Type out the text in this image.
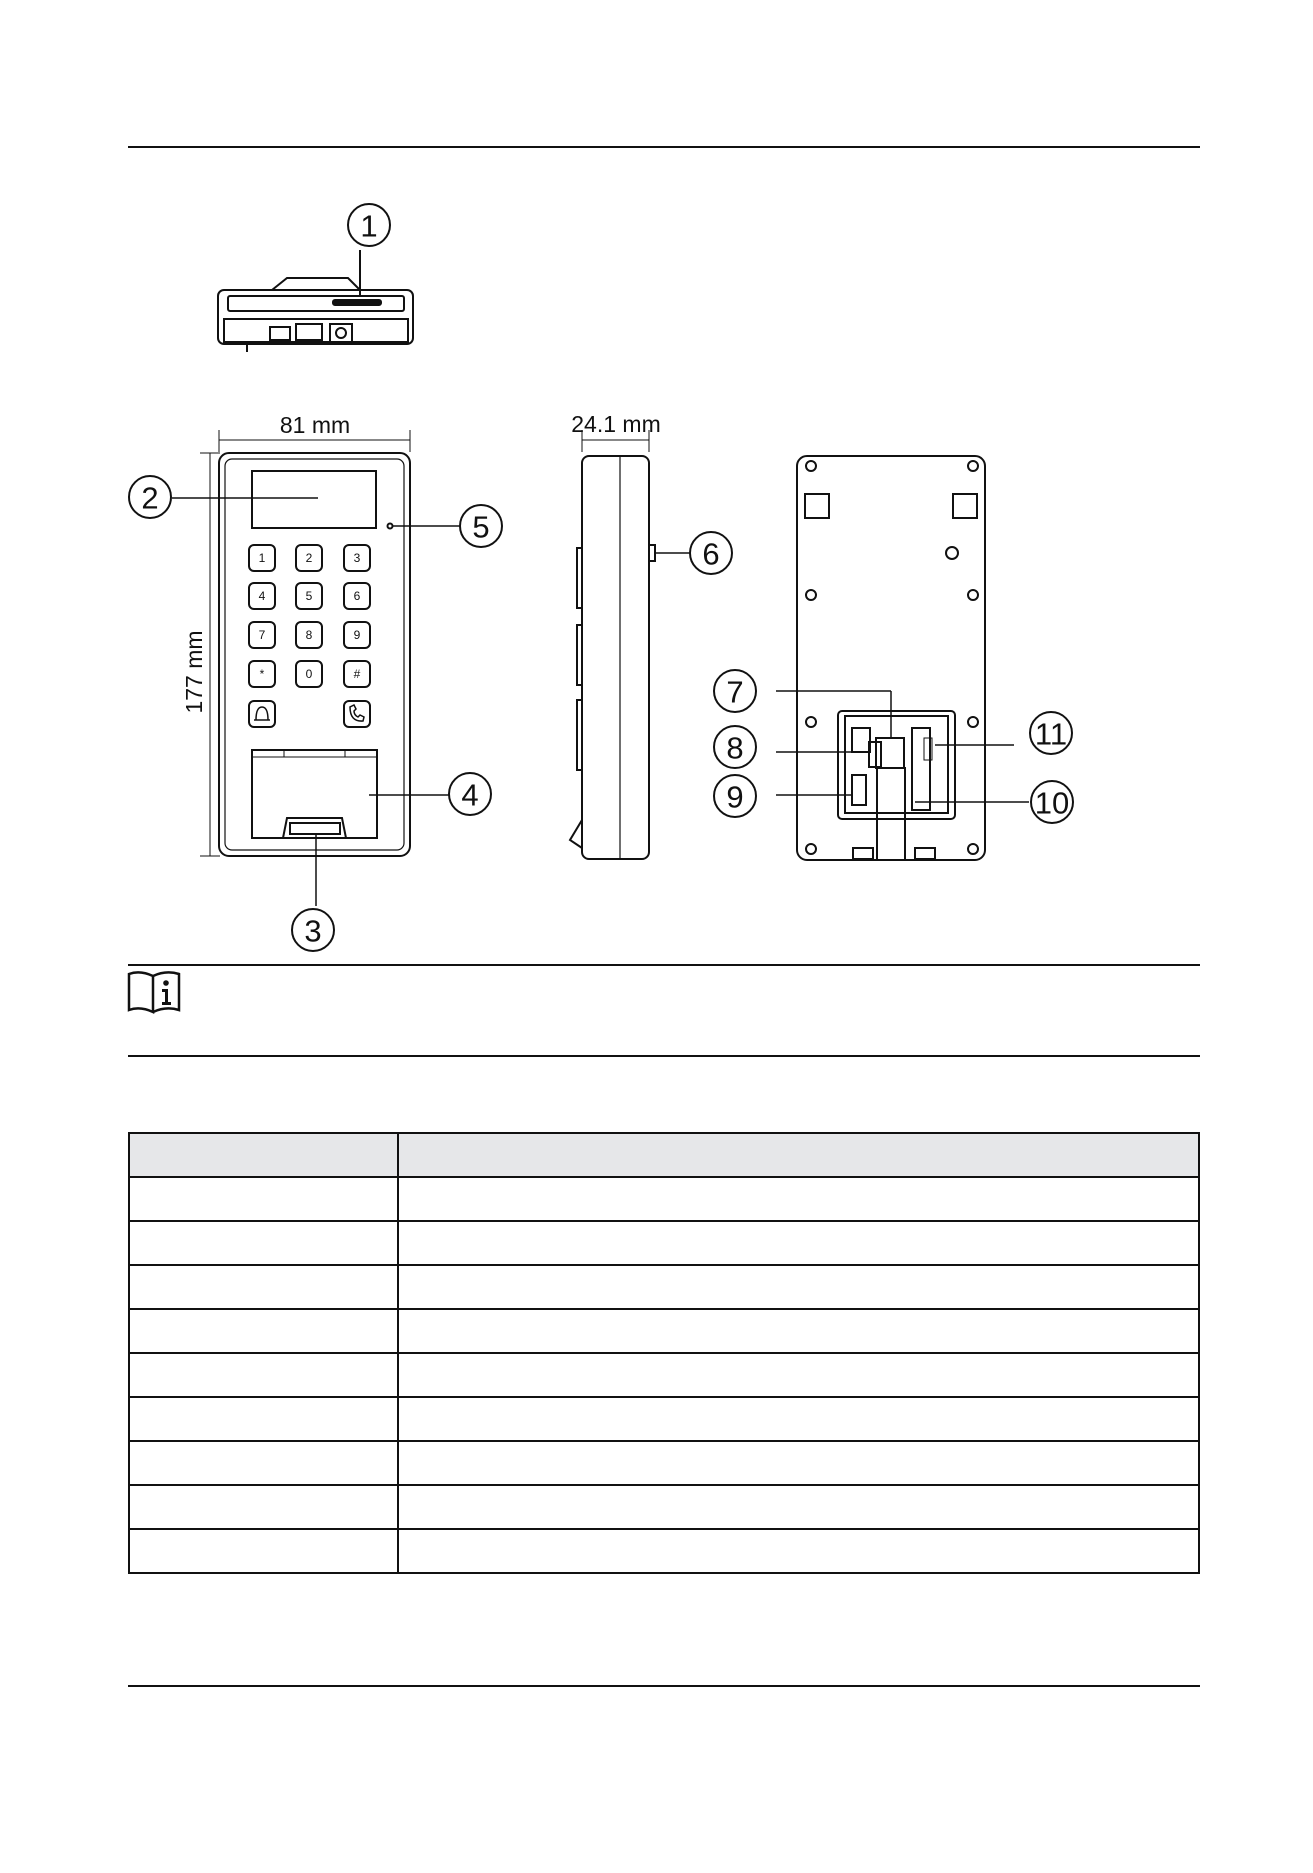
1
2
3
4
5
6
7
8
9	10
11
81 mm	24.1 mm
177 mm
1	2	3
4	5	6
7	8	9
*	0	#
